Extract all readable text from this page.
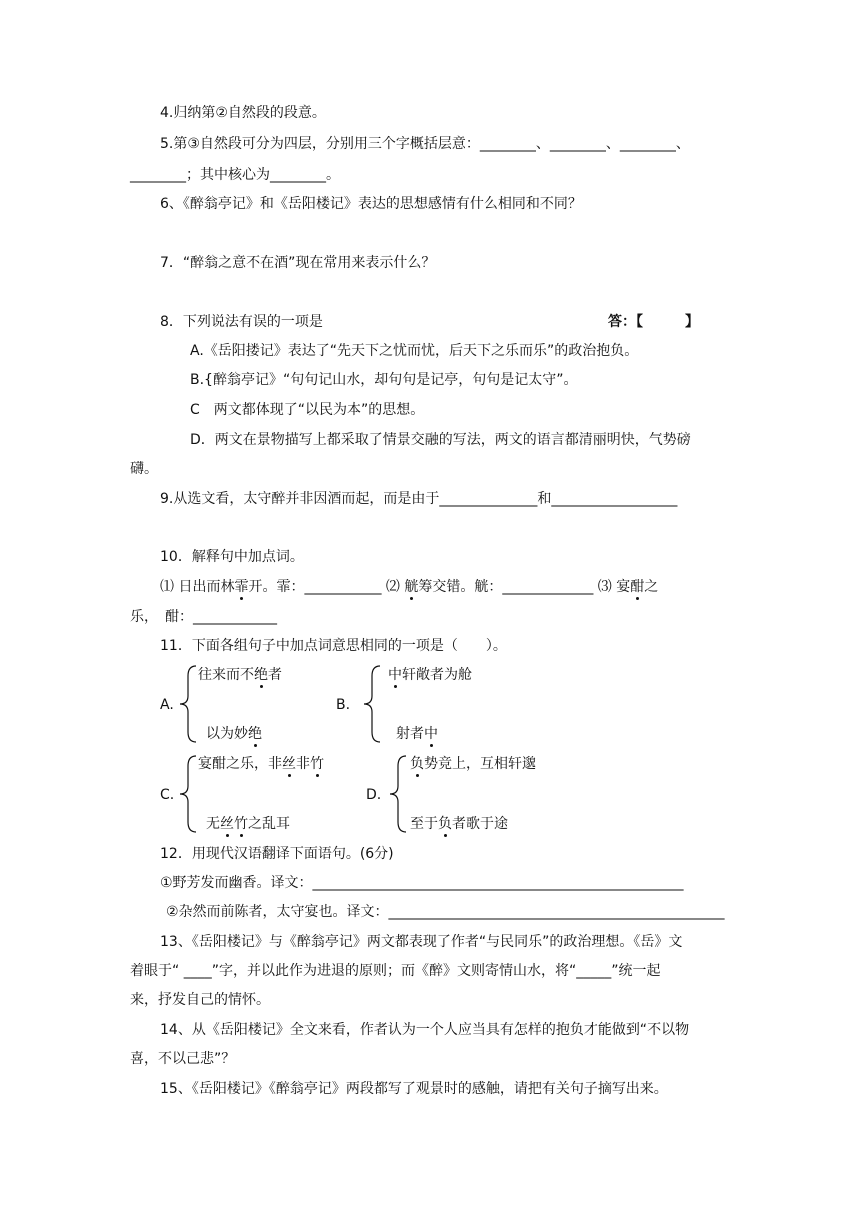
4.归纳第②自然段的段意。
5.第③自然段可分为四层，分别用三个字概括层意：________、________、________、
________；其中核心为________。
6、《醉翁亭记》和《岳阳楼记》表达的思想感情有什么相同和不同？
7．“醉翁之意不在酒”现在常用来表示什么？
8．下列说法有误的一项是	答：【　　　】
A.《岳阳搂记》表达了“先天下之忧而忧，后天下之乐而乐”的政治抱负。
B.{醉翁亭记》“句句记山水，却句句是记亭，句句是记太守”。
C　两文都体现了“以民为本”的思想。
D．两文在景物描写上都采取了情景交融的写法，两文的语言都清丽明快，气势磅
礴。
9.从选文看，太守醉并非因酒而起，而是由于______________和__________________
10．解释句中加点词。
⑴ 日出而林霏开。霏：___________ ⑵ 觥筹交错。觥：_____________ ⑶ 宴酣之
乐，　酣：____________
11．下面各组句子中加点词意思相同的一项是（　　）。
A.
往来而不绝者
以为妙绝
B.
中轩敞者为舱
射者中
C.
宴酣之乐，非丝非竹
无丝竹之乱耳
D.
负势竞上，互相轩邈
至于负者歌于途
12．用现代汉语翻译下面语句。(6分)
①野芳发而幽香。译文：_____________________________________________________
②杂然而前陈者，太守宴也。译文：________________________________________________
13、《岳阳楼记》与《醉翁亭记》两文都表现了作者“与民同乐”的政治理想。《岳》文
着眼于“ ____”字，并以此作为进退的原则；而《醉》文则寄情山水，将“_____”统一起
来，抒发自己的情怀。
14、从《岳阳楼记》全文来看，作者认为一个人应当具有怎样的抱负才能做到“不以物
喜，不以己悲”？
15、《岳阳楼记》《醉翁亭记》两段都写了观景时的感触，请把有关句子摘写出来。
